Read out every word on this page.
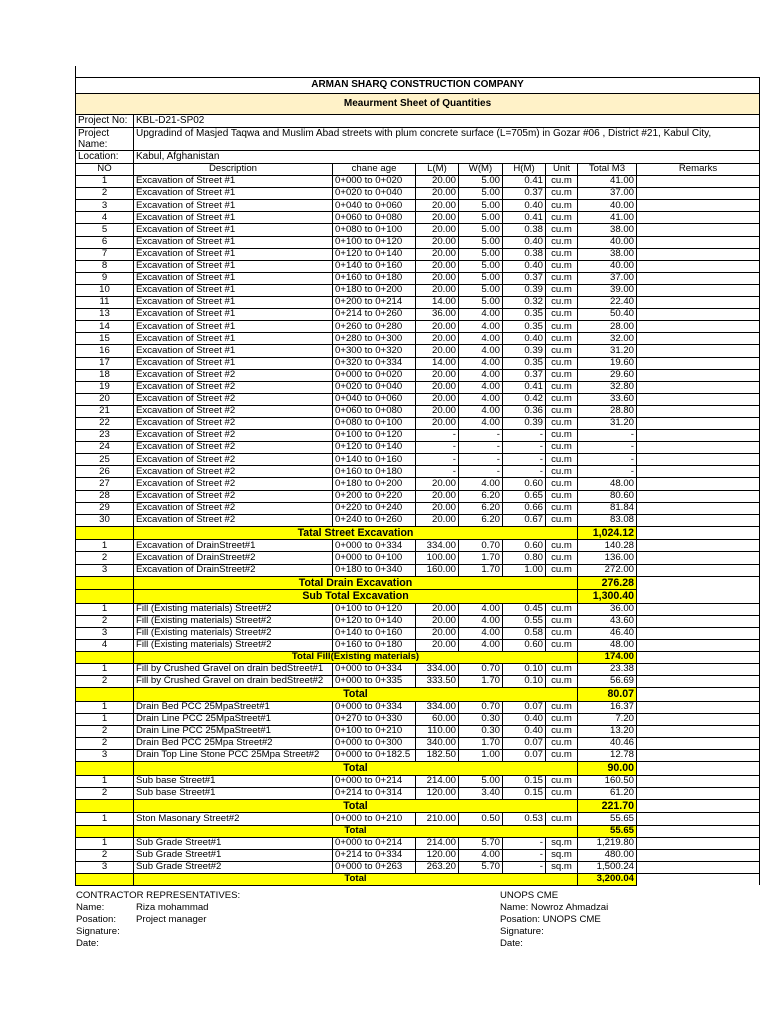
ARMAN SHARQ CONSTRUCTION COMPANY								
Meaurment Sheet of Quantities								
Project No:	KBL-D21-SP02							
Project Name:	Upgradind of Masjed Taqwa and Muslim Abad streets with plum concrete surface (L=705m) in Gozar #06 , District #21, Kabul City,							
Location:	Kabul, Afghanistan							
NO	Description	chane age	L(M)	W(M)	H(M)	Unit	Total M3	Remarks
1	Excavation of Street #1	0+000 to 0+020	20.00	5.00	0.41	cu.m	41.00	
2	Excavation of Street #1	0+020 to 0+040	20.00	5.00	0.37	cu.m	37.00	
3	Excavation of Street #1	0+040 to 0+060	20.00	5.00	0.40	cu.m	40.00	
4	Excavation of Street #1	0+060 to 0+080	20.00	5.00	0.41	cu.m	41.00	
5	Excavation of Street #1	0+080 to 0+100	20.00	5.00	0.38	cu.m	38.00	
6	Excavation of Street #1	0+100 to 0+120	20.00	5.00	0.40	cu.m	40.00	
7	Excavation of Street #1	0+120 to 0+140	20.00	5.00	0.38	cu.m	38.00	
8	Excavation of Street #1	0+140 to 0+160	20.00	5.00	0.40	cu.m	40.00	
9	Excavation of Street #1	0+160 to 0+180	20.00	5.00	0.37	cu.m	37.00	
10	Excavation of Street #1	0+180 to 0+200	20.00	5.00	0.39	cu.m	39.00	
11	Excavation of Street #1	0+200 to 0+214	14.00	5.00	0.32	cu.m	22.40	
13	Excavation of Street #1	0+214 to 0+260	36.00	4.00	0.35	cu.m	50.40	
14	Excavation of Street #1	0+260 to 0+280	20.00	4.00	0.35	cu.m	28.00	
15	Excavation of Street #1	0+280 to 0+300	20.00	4.00	0.40	cu.m	32.00	
16	Excavation of Street #1	0+300 to 0+320	20.00	4.00	0.39	cu.m	31.20	
17	Excavation of Street #1	0+320 to 0+334	14.00	4.00	0.35	cu.m	19.60	
18	Excavation of Street #2	0+000 to 0+020	20.00	4.00	0.37	cu.m	29.60	
19	Excavation of Street #2	0+020 to 0+040	20.00	4.00	0.41	cu.m	32.80	
20	Excavation of Street #2	0+040 to 0+060	20.00	4.00	0.42	cu.m	33.60	
21	Excavation of Street #2	0+060 to 0+080	20.00	4.00	0.36	cu.m	28.80	
22	Excavation of Street #2	0+080 to 0+100	20.00	4.00	0.39	cu.m	31.20	
23	Excavation of Street #2	0+100 to 0+120	-	-	-	cu.m	-	
24	Excavation of Street #2	0+120 to 0+140	-	-	-	cu.m	-	
25	Excavation of Street #2	0+140 to 0+160	-	-	-	cu.m	-	
26	Excavation of Street #2	0+160 to 0+180	-	-	-	cu.m	-	
27	Excavation of Street #2	0+180 to 0+200	20.00	4.00	0.60	cu.m	48.00	
28	Excavation of Street #2	0+200 to 0+220	20.00	6.20	0.65	cu.m	80.60	
29	Excavation of Street #2	0+220 to 0+240	20.00	6.20	0.66	cu.m	81.84	
30	Excavation of Street #2	0+240 to 0+260	20.00	6.20	0.67	cu.m	83.08	
	Tatal Street Excavation						1,024.12	
1	Excavation of DrainStreet#1	0+000 to 0+334	334.00	0.70	0.60	cu.m	140.28	
2	Excavation of DrainStreet#2	0+000 to 0+100	100.00	1.70	0.80	cu.m	136.00	
3	Excavation of DrainStreet#2	0+180 to 0+340	160.00	1.70	1.00	cu.m	272.00	
	Total Drain Excavation						276.28	
	Sub Total Excavation						1,300.40	
1	Fill (Existing materials) Street#2	0+100 to 0+120	20.00	4.00	0.45	cu.m	36.00	
2	Fill (Existing materials) Street#2	0+120 to 0+140	20.00	4.00	0.55	cu.m	43.60	
3	Fill (Existing materials) Street#2	0+140 to 0+160	20.00	4.00	0.58	cu.m	46.40	
4	Fill (Existing materials) Street#2	0+160 to 0+180	20.00	4.00	0.60	cu.m	48.00	
	Total Fill(Existing materials)						174.00	
1	Fill by Crushed Gravel on drain bedStreet#1	0+000 to 0+334	334.00	0.70	0.10	cu.m	23.38	
2	Fill by Crushed Gravel on drain bedStreet#2	0+000 to 0+335	333.50	1.70	0.10	cu.m	56.69	
	Total						80.07	
1	Drain Bed PCC 25MpaStreet#1	0+000 to 0+334	334.00	0.70	0.07	cu.m	16.37	
1	Drain Line PCC 25MpaStreet#1	0+270 to 0+330	60.00	0.30	0.40	cu.m	7.20	
2	Drain Line PCC 25MpaStreet#1	0+100 to 0+210	110.00	0.30	0.40	cu.m	13.20	
2	Drain Bed PCC 25Mpa Street#2	0+000 to 0+300	340.00	1.70	0.07	cu.m	40.46	
3	Drain Top Line Stone PCC 25Mpa Street#2	0+000 to 0+182.5	182.50	1.00	0.07	cu.m	12.78	
	Total						90.00	
1	Sub base Street#1	0+000 to 0+214	214.00	5.00	0.15	cu.m	160.50	
2	Sub base Street#1	0+214 to 0+314	120.00	3.40	0.15	cu.m	61.20	
	Total						221.70	
1	Ston Masonary Street#2	0+000 to 0+210	210.00	0.50	0.53	cu.m	55.65	
	Total						55.65	
1	Sub Grade Street#1	0+000 to 0+214	214.00	5.70	-	sq.m	1,219.80	
2	Sub Grade Street#1	0+214 to 0+334	120.00	4.00	-	sq.m	480.00	
3	Sub Grade Street#2	0+000 to 0+263	263.20	5.70	-	sq.m	1,500.24	
	Total						3,200.04	
CONTRACTOR REPRESENTATIVES:
Name:	Riza mohammad
Posation:	Project manager
Signature:
Date:
UNOPS CME
Name: Nowroz Ahmadzai
Posation: UNOPS CME
Signature:
Date:
